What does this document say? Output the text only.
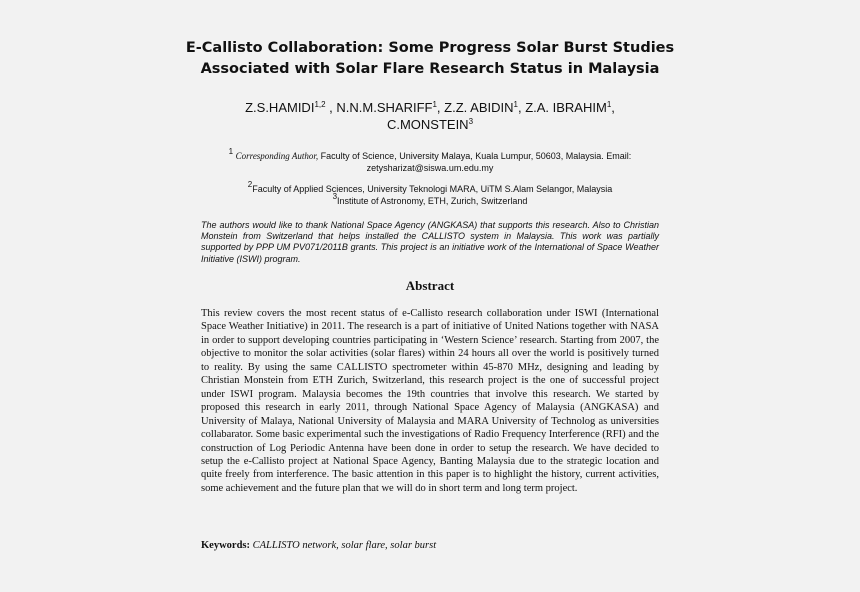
E-Callisto Collaboration: Some Progress Solar Burst Studies
Associated with Solar Flare Research Status in Malaysia
Z.S.HAMIDI$^{1,2}$ , N.N.M.SHARIFF$^1$, Z.Z. ABIDIN$^1$, Z.A. IBRAHIM$^1$,
C.MONSTEIN$^3$
$^1$ Corresponding Author, Faculty of Science, University Malaya, Kuala Lumpur, 50603, Malaysia. Email: zetysharizat@siswa.um.edu.my
$^2$Faculty of Applied Sciences, University Teknologi MARA, UiTM S.Alam Selangor, Malaysia
$^3$Institute of Astronomy, ETH, Zurich, Switzerland
The authors would like to thank National Space Agency (ANGKASA) that supports this research. Also to Christian Monstein from Switzerland that helps installed the CALLISTO system in Malaysia. This work was partially supported by PPP UM PV071/2011B grants. This project is an initiative work of the International of Space Weather Initiative (ISWI) program.
Abstract
This review covers the most recent status of e-Callisto research collaboration under ISWI (International Space Weather Initiative) in 2011. The research is a part of initiative of United Nations together with NASA in order to support developing countries participating in ‘Western Science’ research. Starting from 2007, the objective to monitor the solar activities (solar flares) within 24 hours all over the world is positively turned to reality. By using the same CALLISTO spectrometer within 45-870 MHz, designing and leading by Christian Monstein from ETH Zurich, Switzerland, this research project is the one of successful project under ISWI program. Malaysia becomes the 19th countries that involve this research. We started by proposed this research in early 2011, through National Space Agency of Malaysia (ANGKASA) and University of Malaya, National University of Malaysia and MARA University of Technolog as universities collabarator. Some basic experimental such the investigations of Radio Frequency Interference (RFI) and the construction of Log Periodic Antenna have been done in order to setup the research. We have decided to setup the e-Callisto project at National Space Agency, Banting Malaysia due to the strategic location and quite freely from interference. The basic attention in this paper is to highlight the history, current activities, some achievement and the future plan that we will do in short term and long term project.
Keywords: CALLISTO network, solar flare, solar burst
